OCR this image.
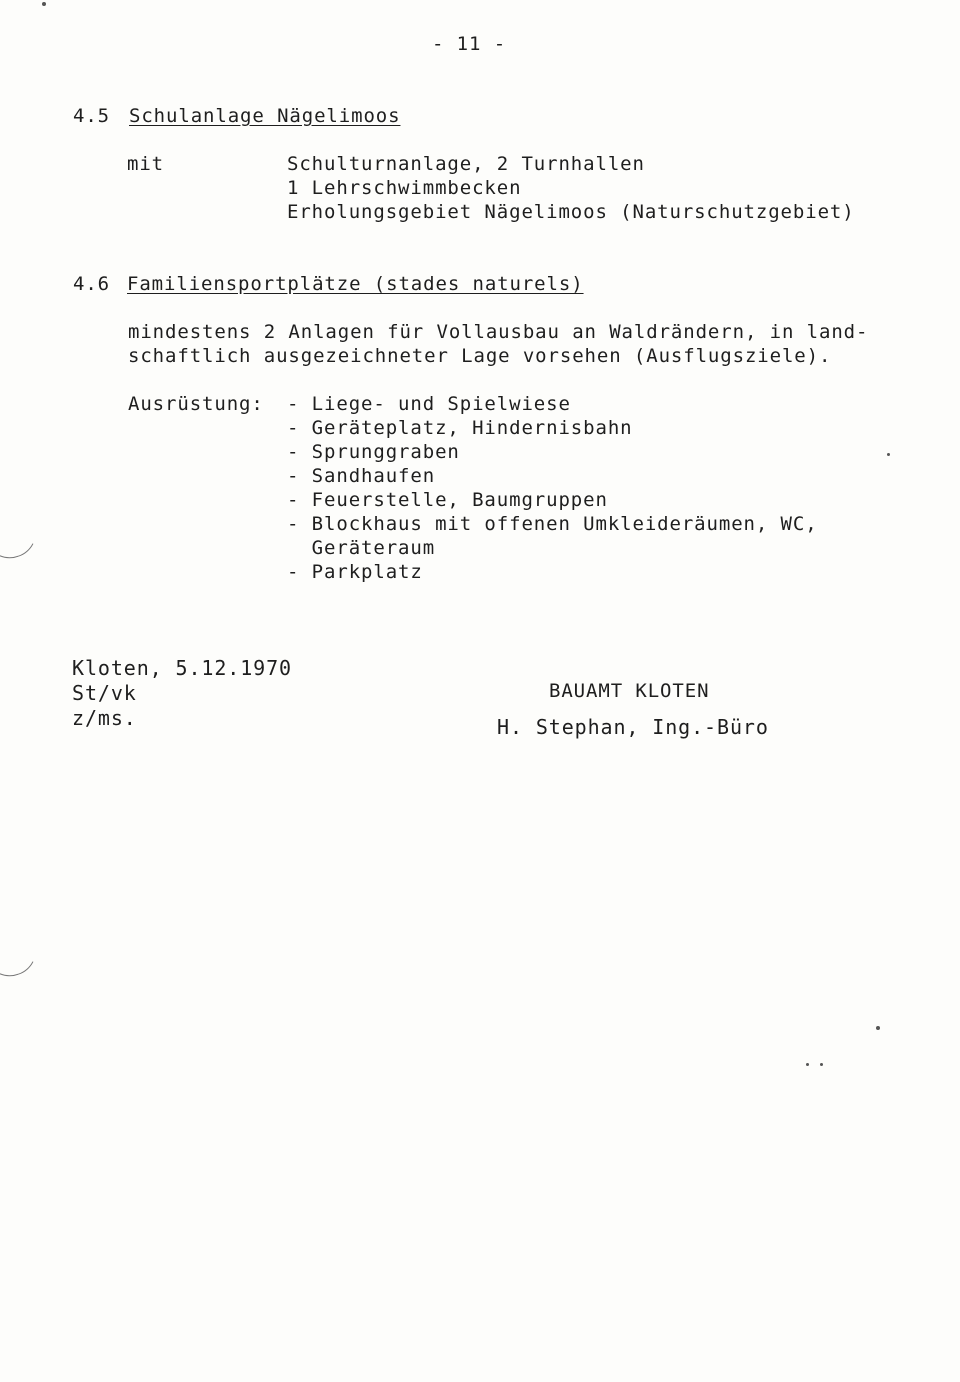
- 11 -
4.5 Schulanlage Nägelimoos
mit	Schulturnanlage, 2 Turnhallen
1 Lehrschwimmbecken
Erholungsgebiet Nägelimoos (Naturschutzgebiet)
4.6 Familiensportplätze (stades naturels)
mindestens 2 Anlagen für Vollausbau an Waldrändern, in land-
schaftlich ausgezeichneter Lage vorsehen (Ausflugsziele).
Ausrüstung: - Liege- und Spielwiese
- Geräteplatz, Hindernisbahn
- Sprunggraben
- Sandhaufen
- Feuerstelle, Baumgruppen
- Blockhaus mit offenen Umkleideräumen, WC,
Geräteraum
- Parkplatz
Kloten, 5.12.1970
St/vk
z/ms.
BAUAMT KLOTEN
H. Stephan, Ing.-Büro
